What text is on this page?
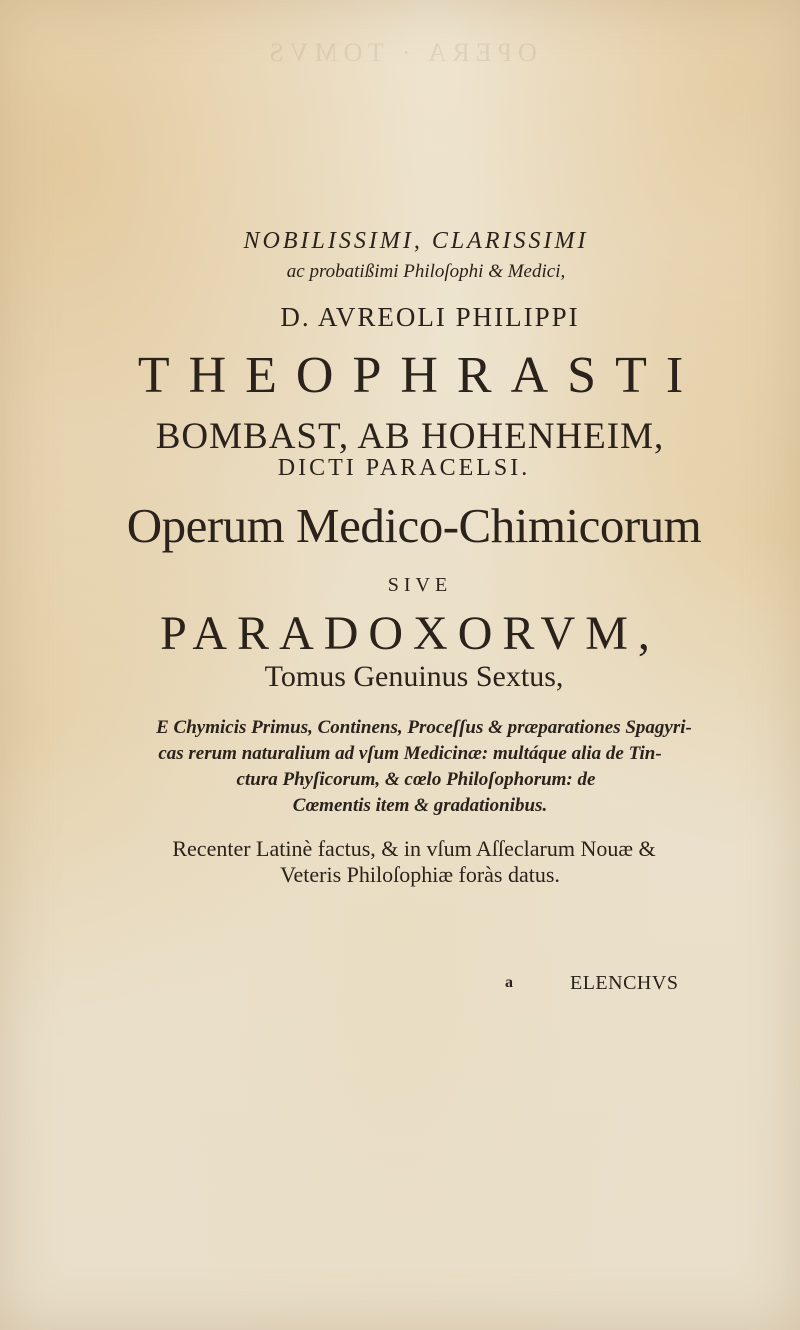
OPERA · TOMVS
NOBILISSIMI, CLARISSIMI
ac probatißimi Philoſophi & Medici,
D. AVREOLI PHILIPPI
THEOPHRASTI
BOMBAST, AB HOHENHEIM,
DICTI PARACELSI.
Operum Medico-Chimicorum
SIVE
PARADOXORVM,
Tomus Genuinus Sextus,
E Chymicis Primus, Continens, Proceſſus & præparationes Spagyri-
cas rerum naturalium ad vſum Medicinæ: multáque alia de Tin-
ctura Phyſicorum, & cœlo Philoſophorum: de
Cœmentis item & gradationibus.
Recenter Latinè factus, & in vſum Aſſeclarum Nouæ &
Veteris Philoſophiæ foràs datus.
a	ELENCHVS
